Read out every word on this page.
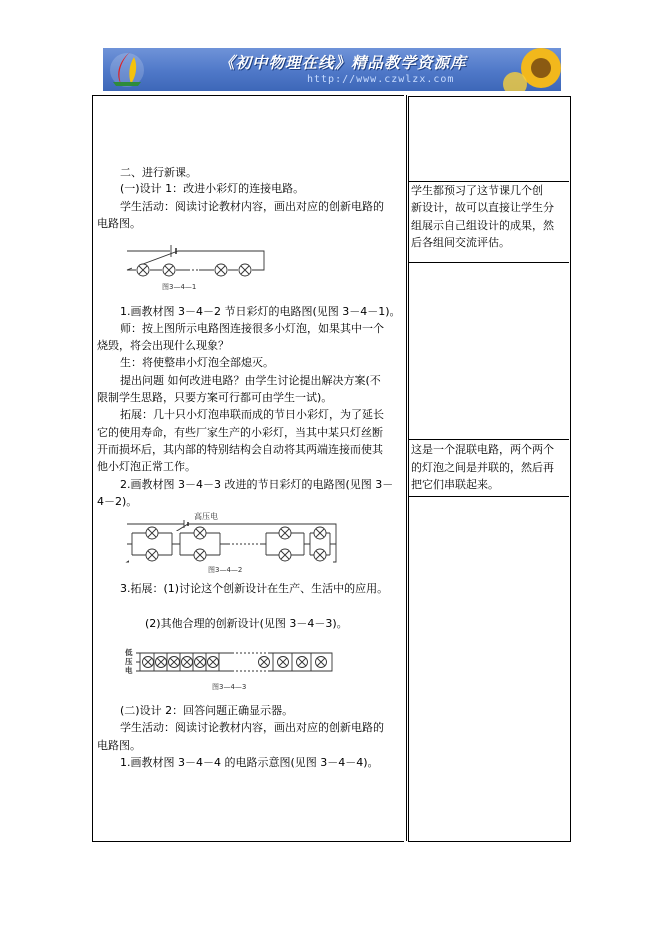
《初中物理在线》精品教学资源库
http://www.czwlzx.com
二、进行新课。
(一)设计 1：改进小彩灯的连接电路。
学生活动：阅读讨论教材内容，画出对应的创新电路的
电路图。
图3—4—1
1.画教材图 3－4－2 节日彩灯的电路图(见图 3－4－1)。
师：按上图所示电路图连接很多小灯泡，如果其中一个
烧毁，将会出现什么现象？
生：将使整串小灯泡全部熄灭。
提出问题 如何改进电路？由学生讨论提出解决方案(不
限制学生思路，只要方案可行都可由学生一试)。
拓展：几十只小灯泡串联而成的节日小彩灯，为了延长
它的使用寿命，有些厂家生产的小彩灯，当其中某只灯丝断
开而损坏后，其内部的特别结构会自动将其两端连接而使其
他小灯泡正常工作。
2.画教材图 3－4－3 改进的节日彩灯的电路图(见图 3－
4－2)。
高压电
图3—4—2
3.拓展：(1)讨论这个创新设计在生产、生活中的应用。
(2)其他合理的创新设计(见图 3－4－3)。
低压电
图3—4—3
(二)设计 2：回答问题正确显示器。
学生活动：阅读讨论教材内容，画出对应的创新电路的
电路图。
1.画教材图 3－4－4 的电路示意图(见图 3－4－4)。
学生都预习了这节课几个创
新设计，故可以直接让学生分
组展示自己组设计的成果，然
后各组间交流评估。
这是一个混联电路，两个两个
的灯泡之间是并联的，然后再
把它们串联起来。
